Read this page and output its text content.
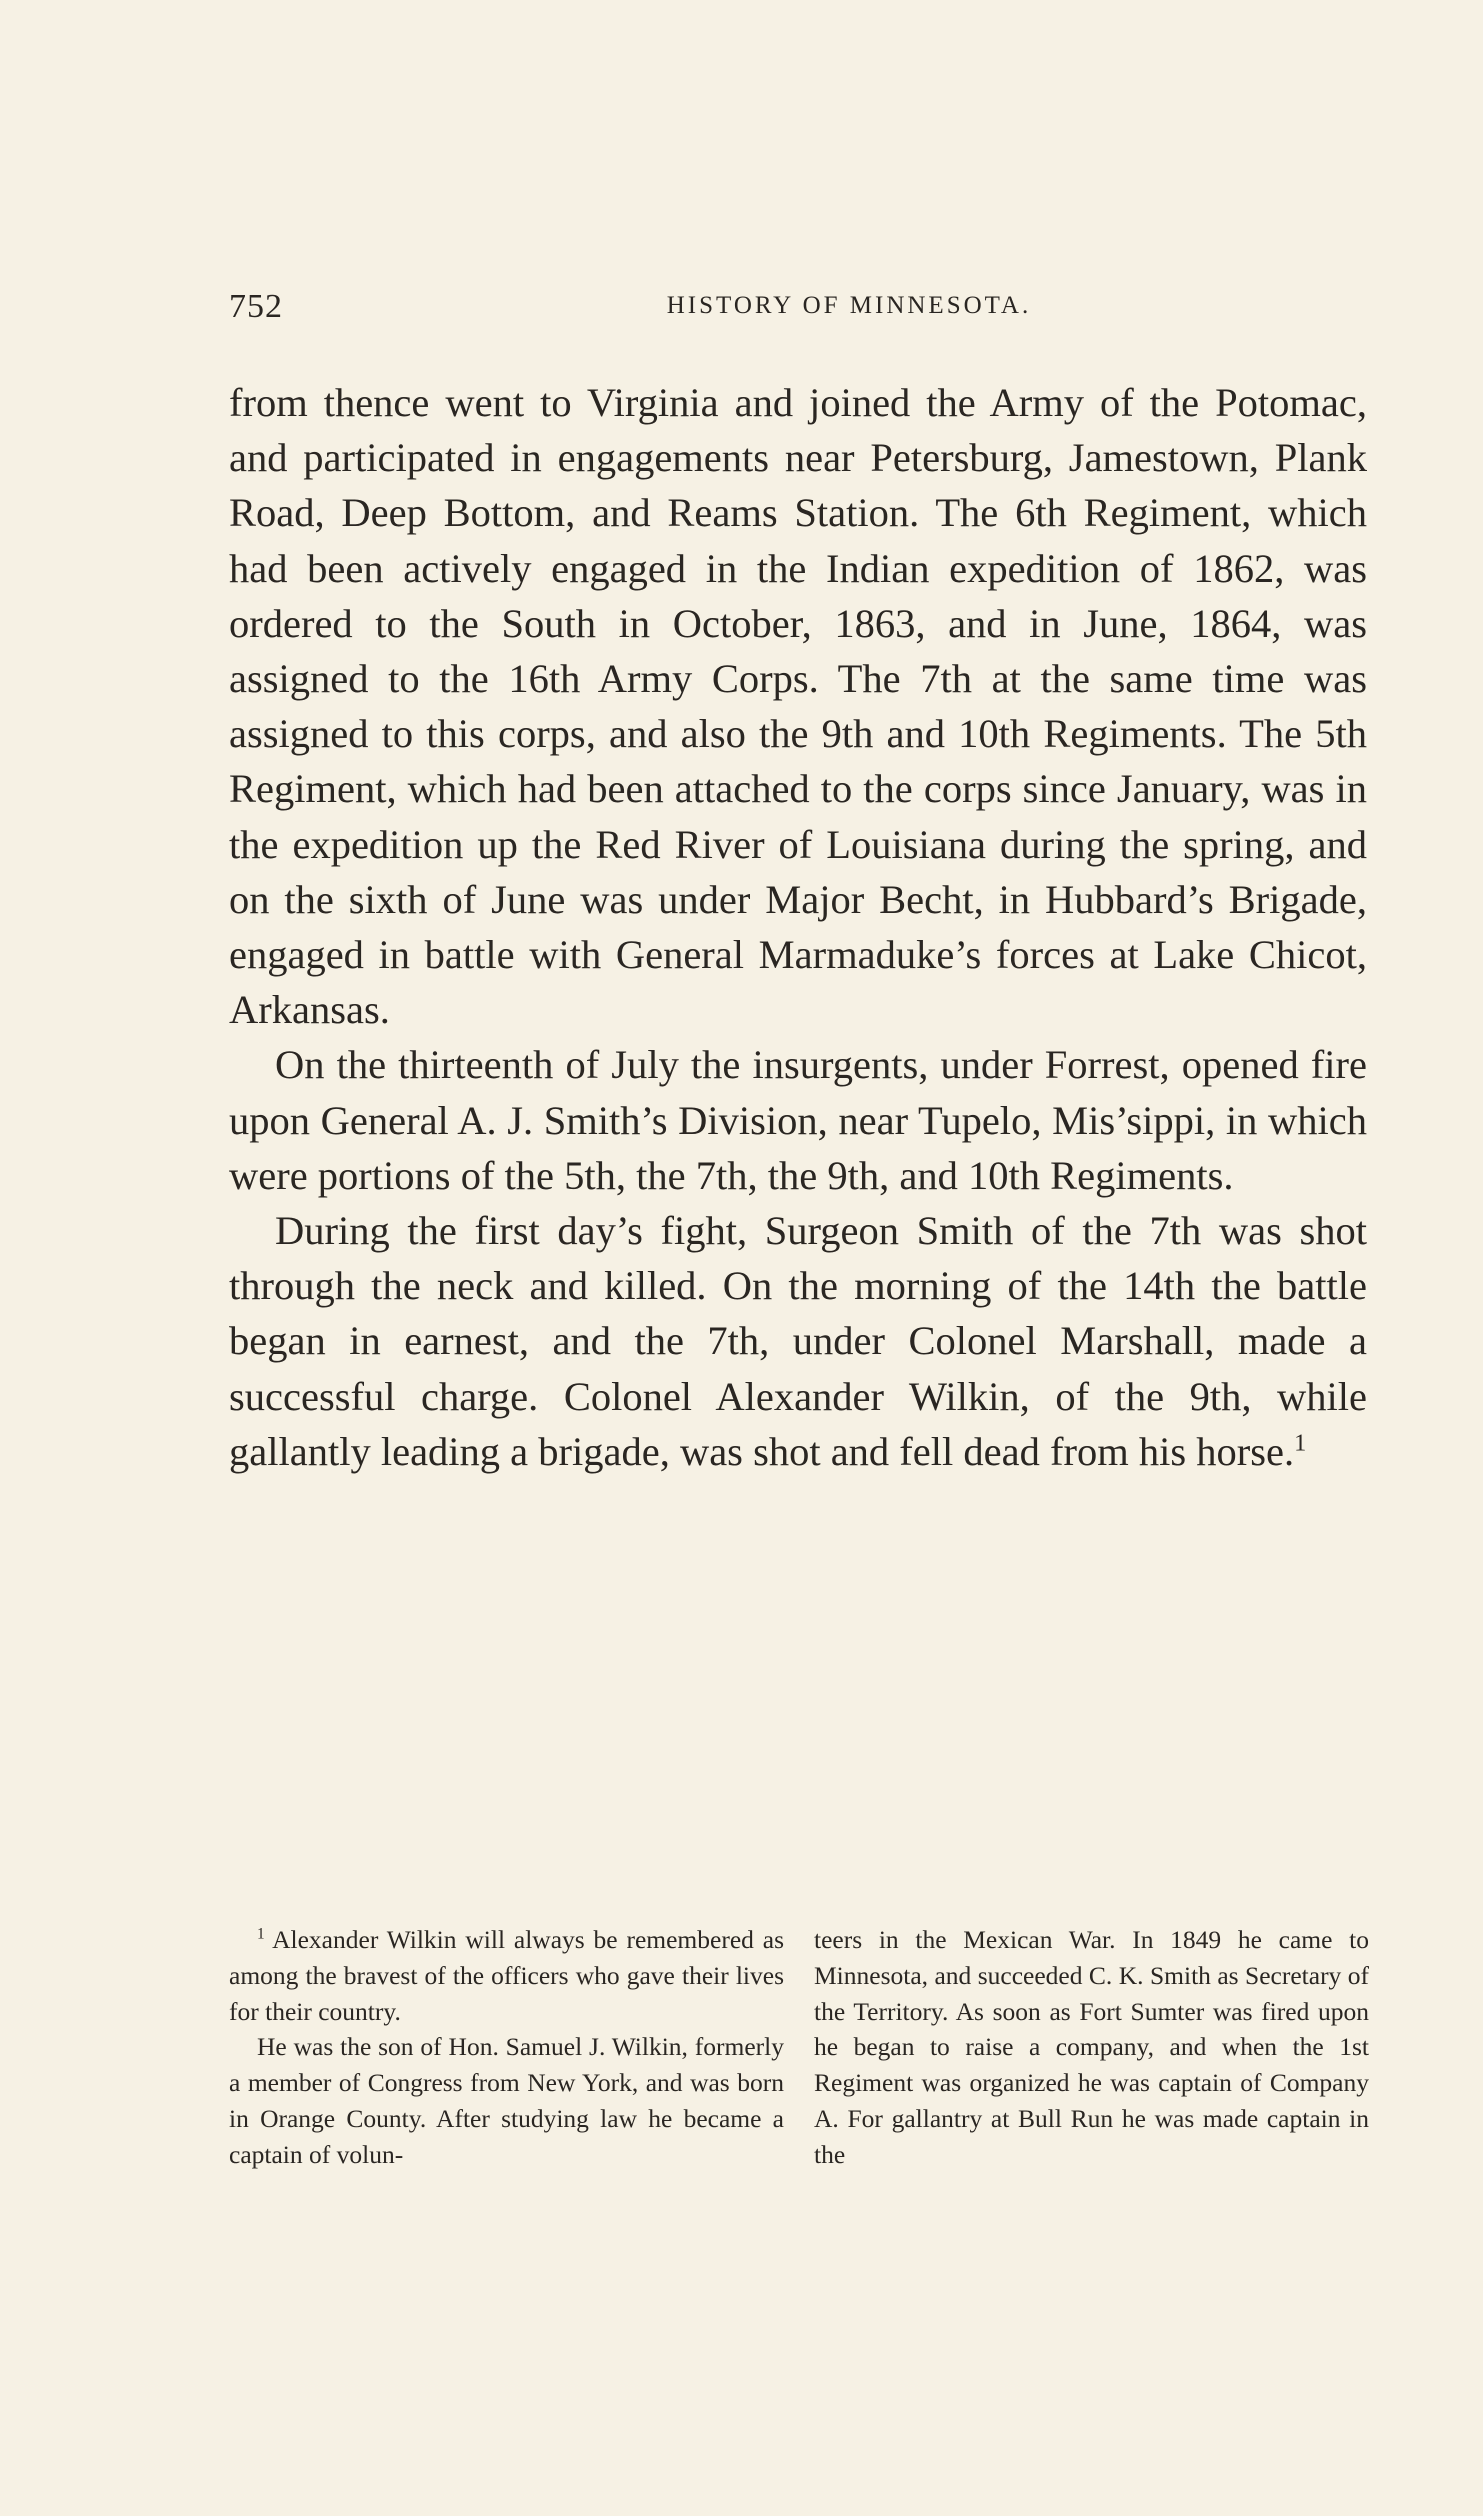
752	HISTORY OF MINNESOTA.

from thence went to Virginia and joined the Army of the Potomac, and participated in engagements near Petersburg, Jamestown, Plank Road, Deep Bottom, and Reams Station. The 6th Regiment, which had been actively engaged in the Indian expedition of 1862, was ordered to the South in October, 1863, and in June, 1864, was assigned to the 16th Army Corps. The 7th at the same time was assigned to this corps, and also the 9th and 10th Regiments. The 5th Regiment, which had been attached to the corps since January, was in the expedition up the Red River of Louisiana during the spring, and on the sixth of June was under Major Becht, in Hubbard’s Brigade, engaged in battle with General Marmaduke’s forces at Lake Chicot, Arkansas.

On the thirteenth of July the insurgents, under Forrest, opened fire upon General A. J. Smith’s Division, near Tupelo, Mis’sippi, in which were portions of the 5th, the 7th, the 9th, and 10th Regiments.

During the first day’s fight, Surgeon Smith of the 7th was shot through the neck and killed. On the morning of the 14th the battle began in earnest, and the 7th, under Colonel Marshall, made a successful charge. Colonel Alexander Wilkin, of the 9th, while gallantly leading a brigade, was shot and fell dead from his horse.$^1$

$^1$ Alexander Wilkin will always be remembered as among the bravest of the officers who gave their lives for their country.

He was the son of Hon. Samuel J. Wilkin, formerly a member of Congress from New York, and was born in Orange County. After studying law he became a captain of volun-

teers in the Mexican War. In 1849 he came to Minnesota, and succeeded C. K. Smith as Secretary of the Territory. As soon as Fort Sumter was fired upon he began to raise a company, and when the 1st Regiment was organized he was captain of Company A. For gallantry at Bull Run he was made captain in the
